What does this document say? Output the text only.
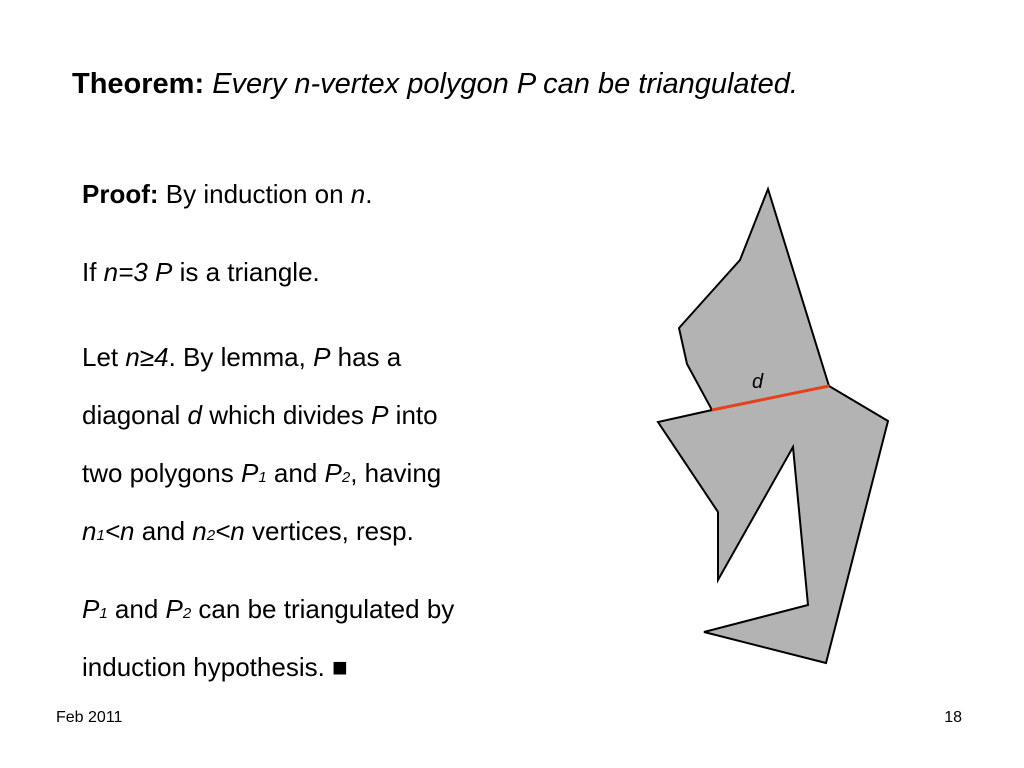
Theorem: Every n-vertex polygon P can be triangulated.
Proof: By induction on n.
If n=3 P is a triangle.
Let n≥4. By lemma, P has a
diagonal d which divides P into
two polygons P1 and P2, having
n1<n and n2<n vertices, resp.
P1 and P2 can be triangulated by
induction hypothesis. ■
d
Feb 2011	18
